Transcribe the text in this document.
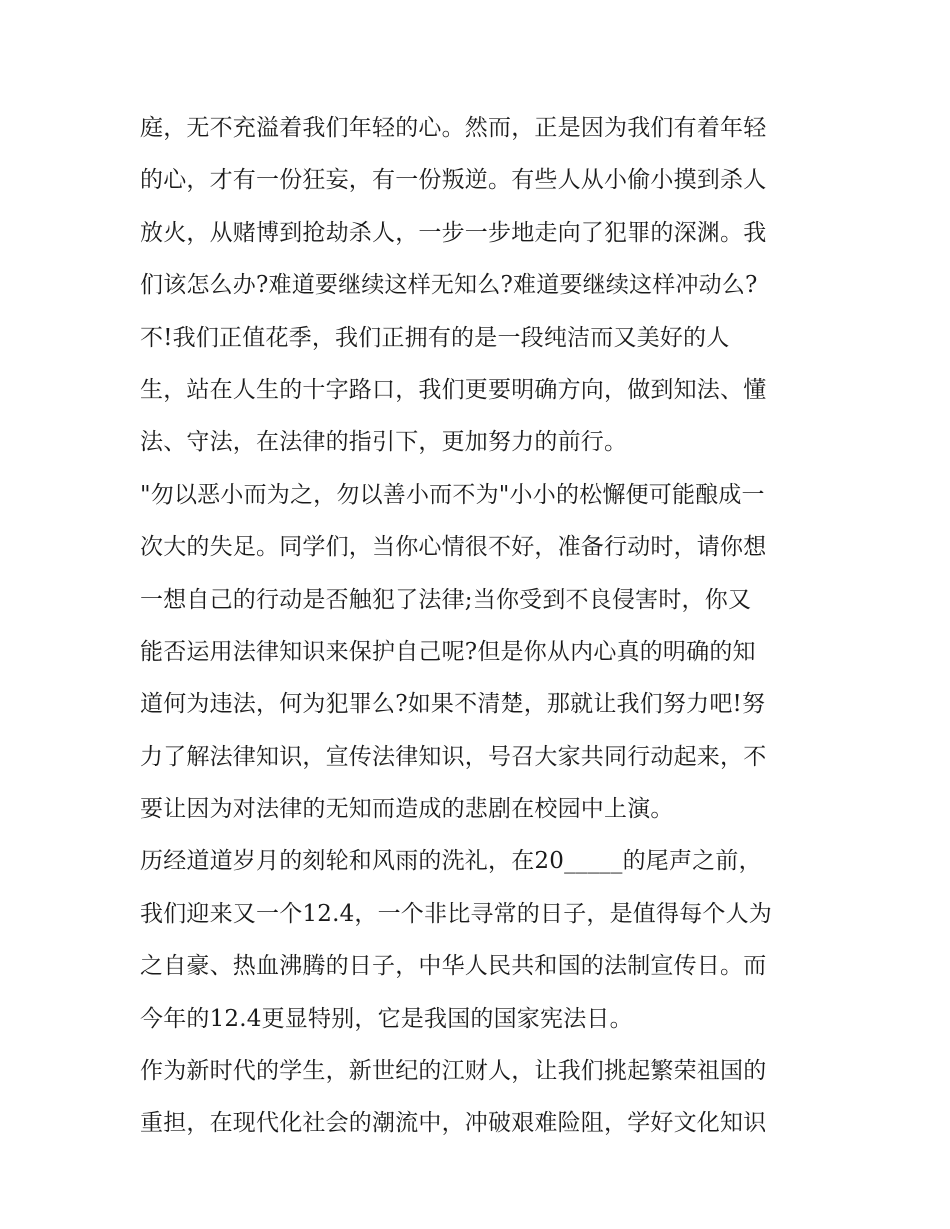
庭，无不充溢着我们年轻的心。然而，正是因为我们有着年轻
的心，才有一份狂妄，有一份叛逆。有些人从小偷小摸到杀人
放火，从赌博到抢劫杀人，一步一步地走向了犯罪的深渊。我
们该怎么办?难道要继续这样无知么?难道要继续这样冲动么?
不!我们正值花季，我们正拥有的是一段纯洁而又美好的人
生，站在人生的十字路口，我们更要明确方向，做到知法、懂
法、守法，在法律的指引下，更加努力的前行。
"勿以恶小而为之，勿以善小而不为"小小的松懈便可能酿成一
次大的失足。同学们，当你心情很不好，准备行动时，请你想
一想自己的行动是否触犯了法律;当你受到不良侵害时，你又
能否运用法律知识来保护自己呢?但是你从内心真的明确的知
道何为违法，何为犯罪么?如果不清楚，那就让我们努力吧!努
力了解法律知识，宣传法律知识，号召大家共同行动起来，不
要让因为对法律的无知而造成的悲剧在校园中上演。
历经道道岁月的刻轮和风雨的洗礼，在20_____的尾声之前，
我们迎来又一个12.4，一个非比寻常的日子，是值得每个人为
之自豪、热血沸腾的日子，中华人民共和国的法制宣传日。而
今年的12.4更显特别，它是我国的国家宪法日。
作为新时代的学生，新世纪的江财人，让我们挑起繁荣祖国的
重担，在现代化社会的潮流中，冲破艰难险阻，学好文化知识
